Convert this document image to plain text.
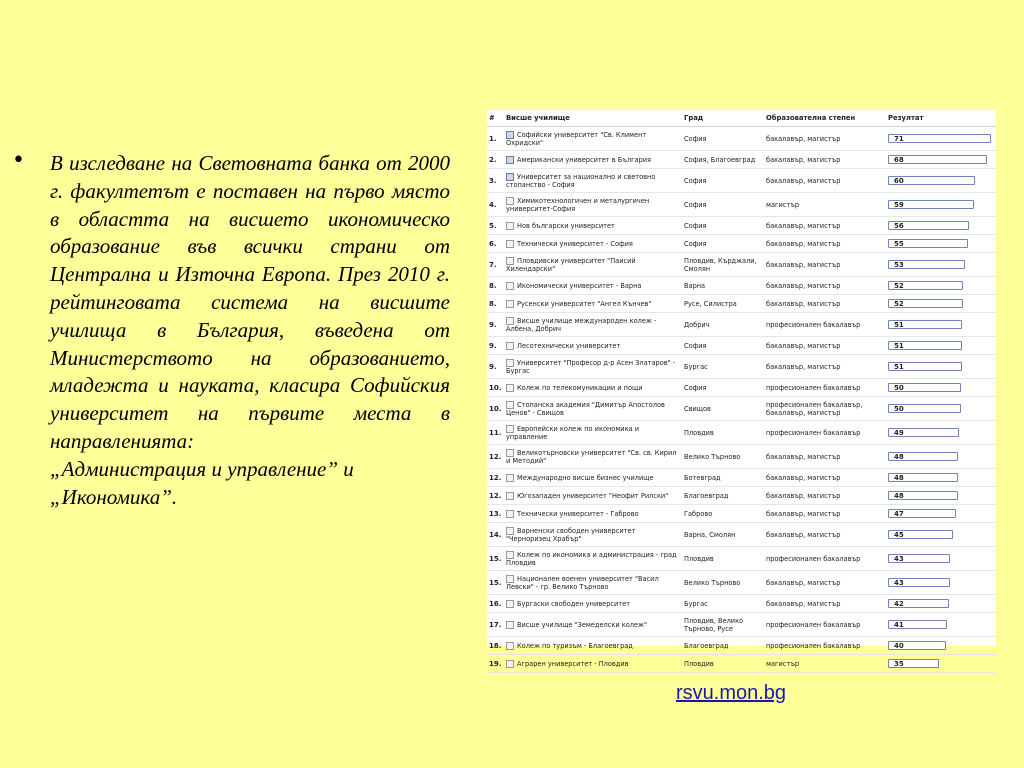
• В изследване на Световната банка от 2000 г. факултетът е поставен на първо място в областта на висшето икономическо образование във всички страни от Централна и Източна Европа. През 2010 г. рейтинговата система на висшите училища в България, въведена от Министерството на образованието, младежта и науката, класира Софийския университет на първите места в направленията:
„Администрация и управление” и
„Икономика”.
#	Висше училище	Град	Образователна степен	Резултат
1.	Софийски университет "Св. Климент Охридски"	София	бакалавър, магистър	71
2.	Американски университет в България	София, Благоевград	бакалавър, магистър	68
3.	Университет за национално и световно стопанство - София	София	бакалавър, магистър	60
4.	Химикотехнологичен и металургичен университет-София	София	магистър	59
5.	Нов български университет	София	бакалавър, магистър	56
6.	Технически университет - София	София	бакалавър, магистър	55
7.	Пловдивски университет "Паисий Хилендарски"	Пловдив, Кърджали, Смолян	бакалавър, магистър	53
8.	Икономически университет - Варна	Варна	бакалавър, магистър	52
8.	Русенски университет "Ангел Кънчев"	Русе, Силистра	бакалавър, магистър	52
9.	Висше училище международен колеж - Албена, Добрич	Добрич	професионален бакалавър	51
9.	Лесотехнически университет	София	бакалавър, магистър	51
9.	Университет "Професор д-р Асен Златаров" - Бургас	Бургас	бакалавър, магистър	51
10.	Колеж по телекомуникации и пощи	София	професионален бакалавър	50
10.	Стопанска академия "Димитър Апостолов Ценов" - Свищов	Свищов	професионален бакалавър, бакалавър, магистър	50
11.	Европейски колеж по икономика и управление	Пловдив	професионален бакалавър	49
12.	Великотърновски университет "Св. св. Кирил и Методий"	Велико Търново	бакалавър, магистър	48
12.	Международно висше бизнес училище	Ботевград	бакалавър, магистър	48
12.	Югозападен университет "Неофит Рилски"	Благоевград	бакалавър, магистър	48
13.	Технически университет - Габрово	Габрово	бакалавър, магистър	47
14.	Варненски свободен университет "Черноризец Храбър"	Варна, Смолян	бакалавър, магистър	45
15.	Колеж по икономика и администрация - град Пловдив	Пловдив	професионален бакалавър	43
15.	Национален военен университет "Васил Левски" - гр. Велико Търново	Велико Търново	бакалавър, магистър	43
16.	Бургаски свободен университет	Бургас	бакалавър, магистър	42
17.	Висше училище "Земеделски колеж"	Пловдив, Велико Търново, Русе	професионален бакалавър	41
18.	Колеж по туризъм - Благоевград	Благоевград	професионален бакалавър	40
19.	Аграрен университет - Пловдив	Пловдив	магистър	35
rsvu.mon.bg
